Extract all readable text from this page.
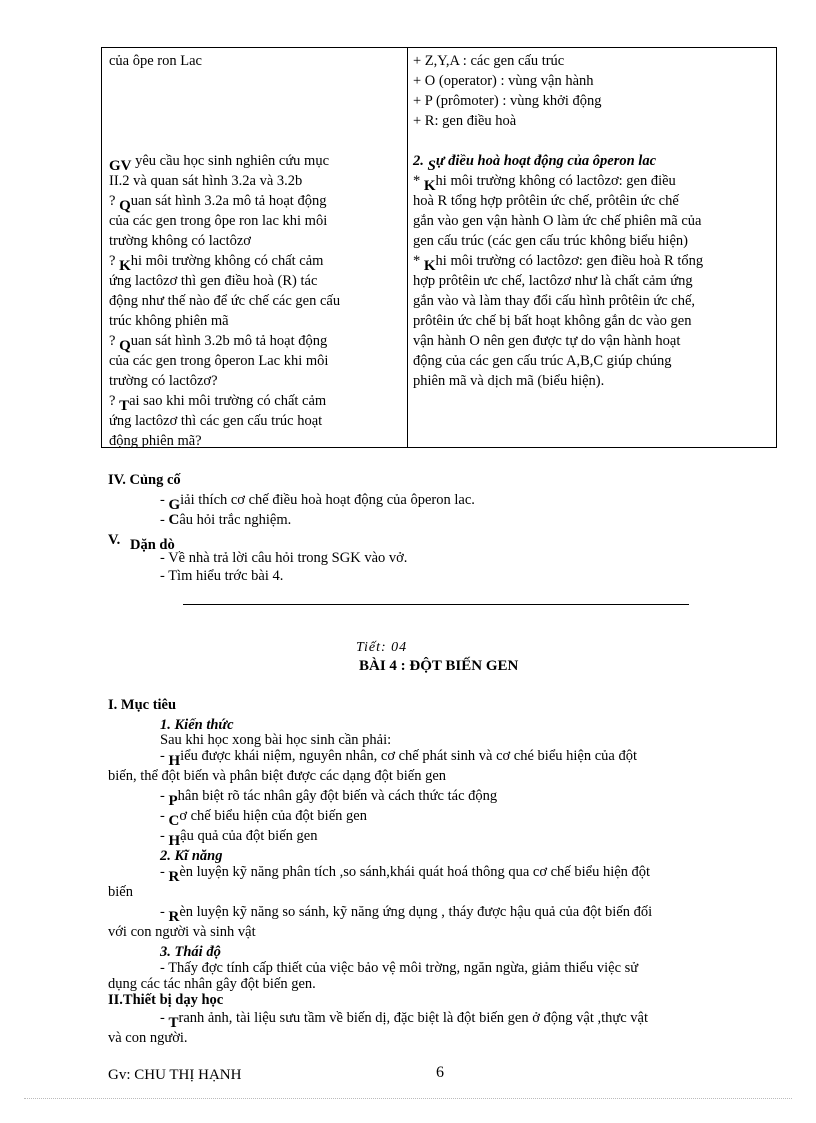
của ôpe ron Lac
GV yêu cầu học sinh nghiên cứu mục
II.2 và quan sát hình 3.2a và 3.2b
? Quan sát hình 3.2a mô tả hoạt động
của các gen trong ôpe ron lac khi môi
trường không có lactôzơ
? Khi môi trường không có chất cảm
ứng lactôzơ thì gen điều hoà (R) tác
động như thế nào để ức chế các gen cấu
trúc không phiên mã
? Quan sát hình 3.2b mô tả hoạt động
của các gen trong ôperon Lac khi môi
trường có lactôzơ?
? Tai sao khi môi trường có chất cảm
ứng lactôzơ thì các gen cấu trúc hoạt
động phiên mã?
+ Z,Y,A : các gen cấu trúc
+ O (operator) : vùng vận hành
+ P (prômoter) : vùng khởi động
+ R: gen điều hoà
2. Sự điều hoà hoạt động của ôperon lac
* Khi môi trường không có lactôzơ: gen điều
hoà R tổng hợp prôtêin ức chế, prôtêin ức chế
gắn vào gen vận hành O làm ức chế phiên mã của
gen cấu trúc (các gen cấu trúc không biểu hiện)
* Khi môi trường có lactôzơ: gen điều hoà R tổng
hợp prôtêin ưc chế, lactôzơ như là chất cảm ứng
gắn vào và làm thay đổi cấu hình prôtêin ức chế,
prôtêin ức chế bị bất hoạt không gắn dc vào gen
vận hành O nên gen được tự do vận hành hoạt
động của các gen cấu trúc A,B,C giúp chúng
phiên mã và dịch mã (biểu hiện).
IV. Củng cố
- Giải thích cơ chế điều hoà hoạt động của ôperon lac.
- Câu hỏi trắc nghiệm.
V. Dặn dò
- Về nhà trả lời câu hỏi trong SGK vào vở.
- Tìm hiểu trớc bài 4.
Tiết: 04
BÀI 4 : ĐỘT BIẾN GEN
I. Mục tiêu
1. Kiến thức
Sau khi học xong bài học sinh cần phải:
- Hiểu được khái niệm, nguyên nhân, cơ chế phát sinh và cơ ché biểu hiện của đột
biến, thể đột biến và phân biệt được các dạng đột biến gen
- Phân biệt rõ tác nhân gây đột biến và cách thức tác động
- Cơ chế biểu hiện của đột biến gen
- Hậu quả của đột biến gen
2. Kĩ năng
- Rèn luyện kỹ năng phân tích ,so sánh,khái quát hoá thông qua cơ chế biểu hiện đột
biến
- Rèn luyện kỹ năng so sánh, kỹ năng ứng dụng , tháy được hậu quả của đột biến đối
với con người và sinh vật
3. Thái độ
- Thấy đợc tính cấp thiết của việc bảo vệ môi trờng, ngăn ngừa, giảm thiểu việc sử
dụng các tác nhân gây đột biến gen.
II.Thiết bị dạy học
- Tranh ảnh, tài liệu sưu tầm về biến dị, đặc biệt là đột biến gen ở động vật ,thực vật
và con người.
Gv: CHU THỊ HẠNH	6
